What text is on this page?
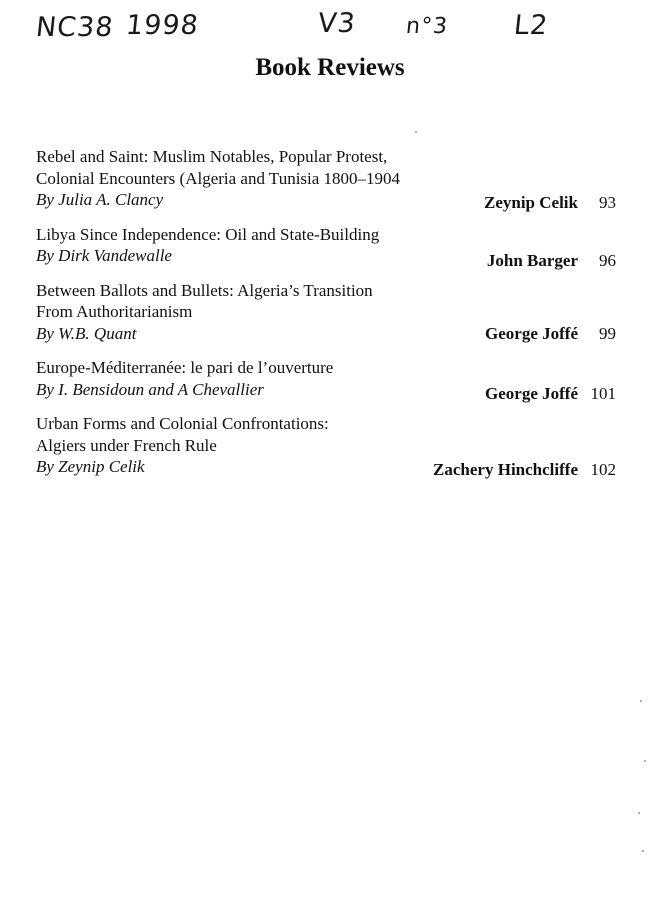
NC38 1998	V3 n°3 L2
Book Reviews
Rebel and Saint: Muslim Notables, Popular Protest,
Colonial Encounters (Algeria and Tunisia 1800–1904
By Julia A. Clancy	Zeynip Celik	93
Libya Since Independence: Oil and State-Building
By Dirk Vandewalle	John Barger	96
Between Ballots and Bullets: Algeria’s Transition
From Authoritarianism
By W.B. Quant	George Joffé	99
Europe-Méditerranée: le pari de l’ouverture
By I. Bensidoun and A Chevallier	George Joffé 101
Urban Forms and Colonial Confrontations:
Algiers under French Rule
By Zeynip Celik	Zachery Hinchcliffe 102
